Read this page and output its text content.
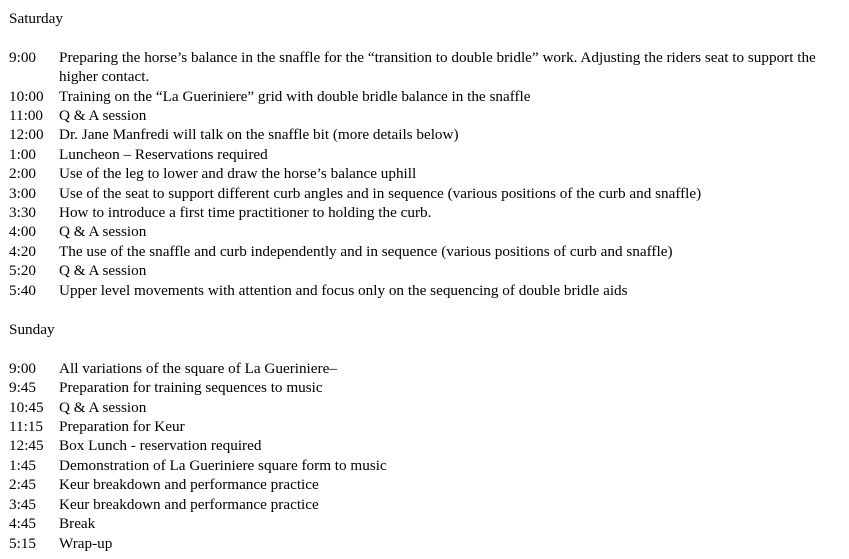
Saturday
9:00	Preparing the horse’s balance in the snaffle for the “transition to double bridle” work. Adjusting the riders seat to support the higher contact.
10:00	Training on the “La Gueriniere” grid with double bridle balance in the snaffle
11:00	Q & A session
12:00	Dr. Jane Manfredi will talk on the snaffle bit (more details below)
1:00	Luncheon – Reservations required
2:00	Use of the leg to lower and draw the horse’s balance uphill
3:00	Use of the seat to support different curb angles and in sequence (various positions of the curb and snaffle)
3:30	How to introduce a first time practitioner to holding the curb.
4:00	Q & A session
4:20	The use of the snaffle and curb independently and in sequence (various positions of curb and snaffle)
5:20	Q & A session
5:40	Upper level movements with attention and focus only on the sequencing of double bridle aids
Sunday
9:00	All variations of the square of La Gueriniere–
9:45	Preparation for training sequences to music
10:45	Q & A session
11:15	Preparation for Keur
12:45	Box Lunch - reservation required
1:45	Demonstration of La Gueriniere square form to music
2:45	Keur breakdown and performance practice
3:45	Keur breakdown and performance practice
4:45	Break
5:15	Wrap-up
